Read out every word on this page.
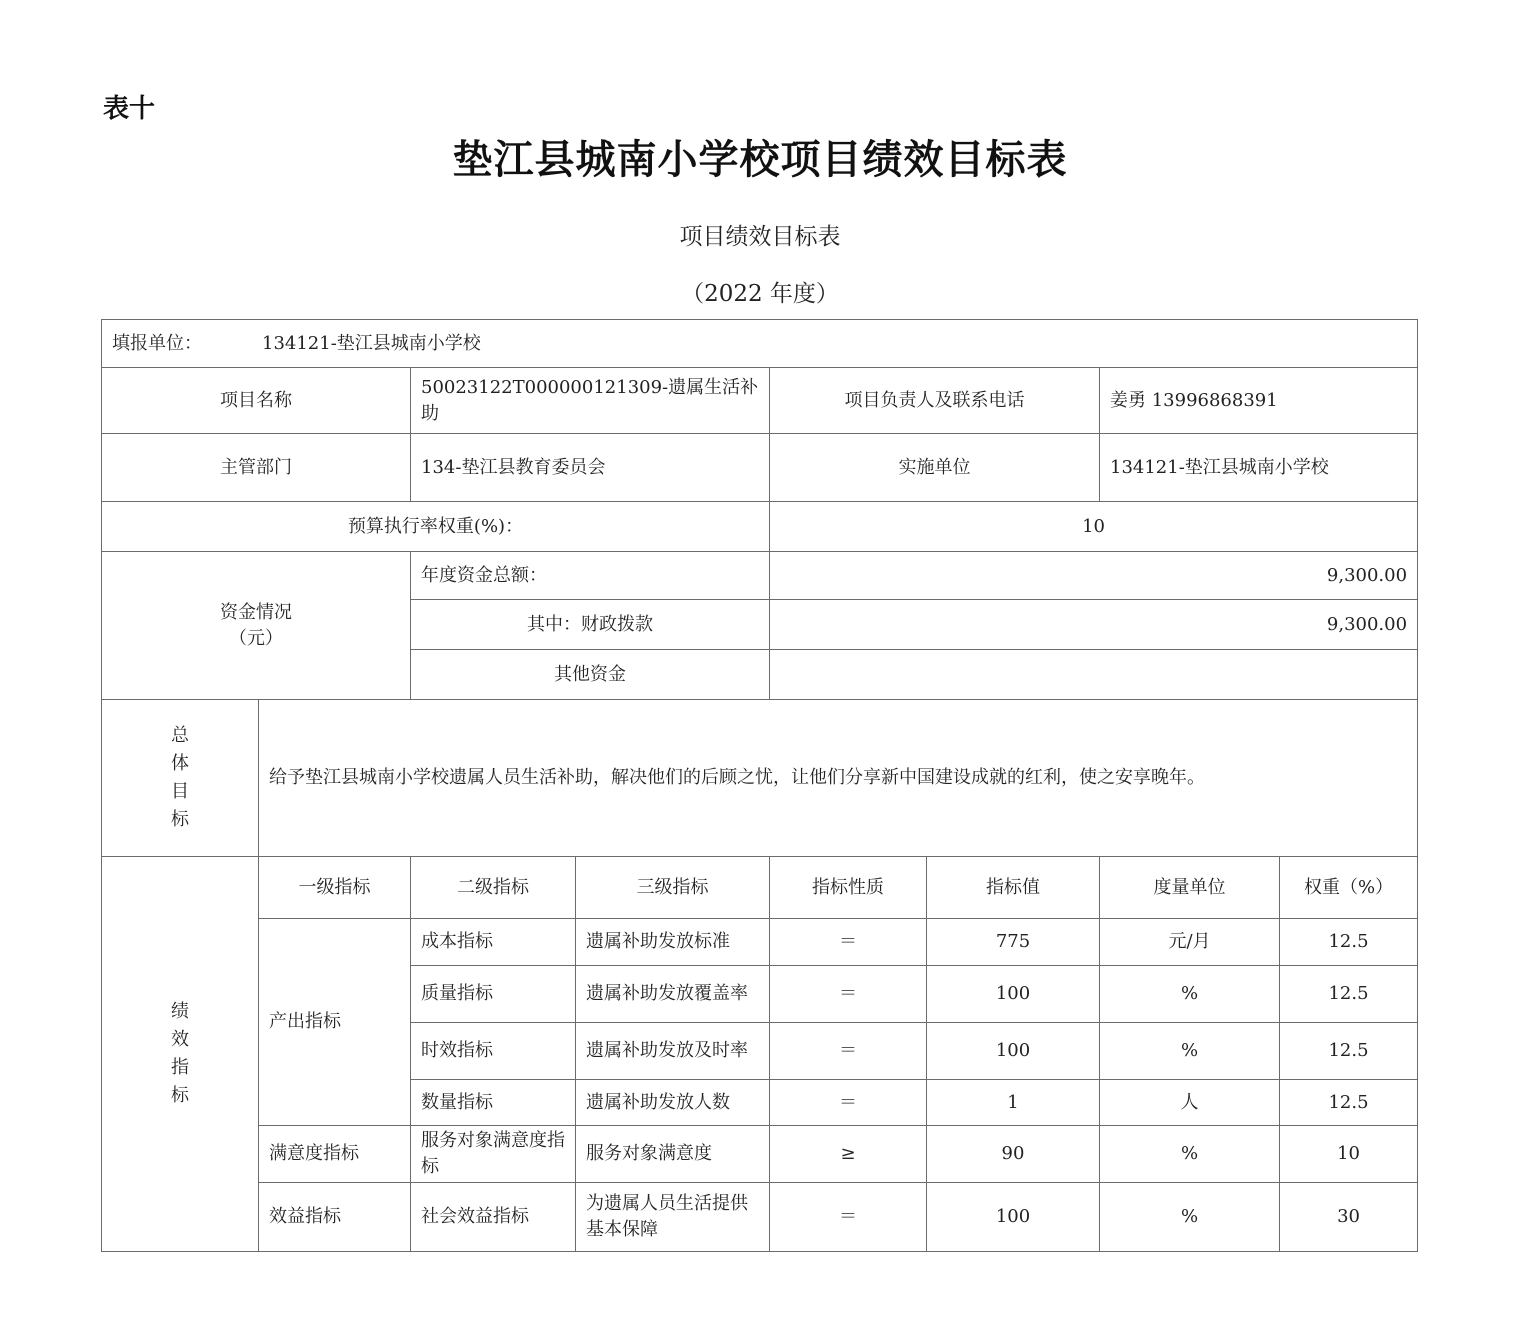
表十
垫江县城南小学校项目绩效目标表
项目绩效目标表
（2022 年度）
填报单位： 134121-垫江县城南小学校							
项目名称		50023122T000000121309-遗属生活补助		项目负责人及联系电话		姜勇 13996868391	
主管部门		134-垫江县教育委员会		实施单位		134121-垫江县城南小学校	
预算执行率权重(%)：				10			

资金情况
（元）		年度资金总额：		9,300.00			
		其中：财政拨款		9,300.00			
		其他资金					

总
体
目
标	给予垫江县城南小学校遗属人员生活补助，解决他们的后顾之忧，让他们分享新中国建设成就的红利，使之安享晚年。						

绩
效
指
标	一级指标	二级指标	三级指标	指标性质	指标值	度量单位	权重（%）
	产出指标	成本指标	遗属补助发放标准	＝	775	元/月	12.5
		质量指标	遗属补助发放覆盖率	＝	100	%	12.5
		时效指标	遗属补助发放及时率	＝	100	%	12.5
		数量指标	遗属补助发放人数	＝	1	人	12.5
	满意度指标	服务对象满意度指标	服务对象满意度	≥	90	%	10
	效益指标	社会效益指标	为遗属人员生活提供基本保障	＝	100	%	30
